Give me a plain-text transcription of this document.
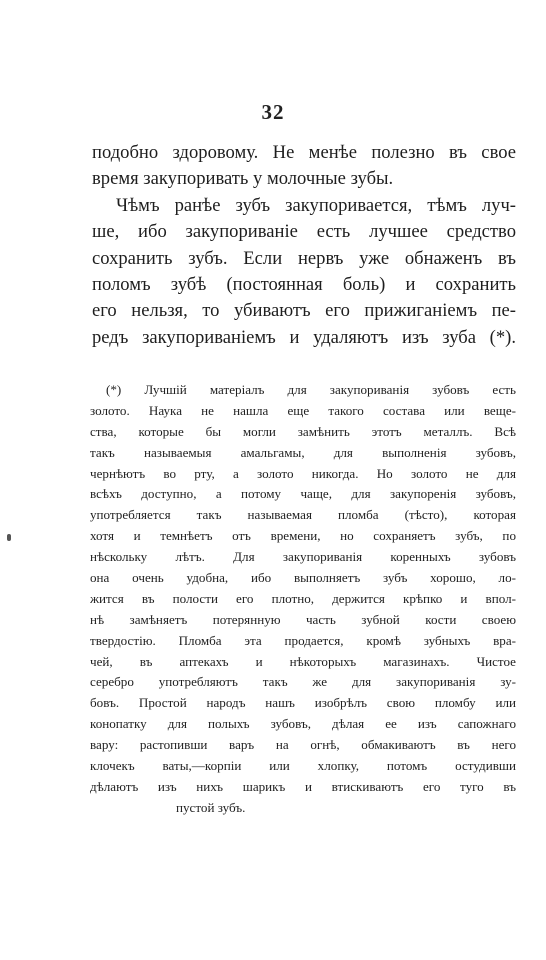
32
подобно здоровому. Не менѣе полезно въ свое
время закупоривать у молочные зубы.
Чѣмъ ранѣе зубъ закупоривается, тѣмъ луч-
ше, ибо закупориванiе есть лучшее средство
сохранить зубъ. Если нервъ уже обнаженъ въ
поломъ зубѣ (постоянная боль) и сохранить
его нельзя, то убиваютъ его прижиганiемъ пе-
редъ закупориванiемъ и удаляютъ изъ зуба (*).
(*) Лучшiй матерiалъ для закупориванiя зубовъ есть
золото. Наука не нашла еще такого состава или веще-
ства, которые бы могли замѣнить этотъ металлъ. Всѣ
такъ называемыя амальгамы, для выполненiя зубовъ,
чернѣютъ во рту, а золото никогда. Но золото не для
всѣхъ доступно, а потому чаще, для закупоренiя зубовъ,
употребляется такъ называемая пломба (тѣсто), которая
хотя и темнѣетъ отъ времени, но сохраняетъ зубъ, по
нѣскольку лѣтъ. Для закупориванiя коренныхъ зубовъ
она очень удобна, ибо выполняетъ зубъ хорошо, ло-
жится въ полости его плотно, держится крѣпко и впол-
нѣ замѣняетъ потерянную часть зубной кости своею
твердостiю. Пломба эта продается, кромѣ зубныхъ вра-
чей, въ аптекахъ и нѣкоторыхъ магазинахъ. Чистое
серебро употребляютъ такъ же для закупориванiя зу-
бовъ. Простой народъ нашъ изобрѣлъ свою пломбу или
конопатку для полыхъ зубовъ, дѣлая ее изъ сапожнаго
вару: растопивши варъ на огнѣ, обмакиваютъ въ него
клочекъ ваты,—корпiи или хлопку, потомъ остудивши
дѣлаютъ изъ нихъ шарикъ и втискиваютъ его туго въ
пустой зубъ.
